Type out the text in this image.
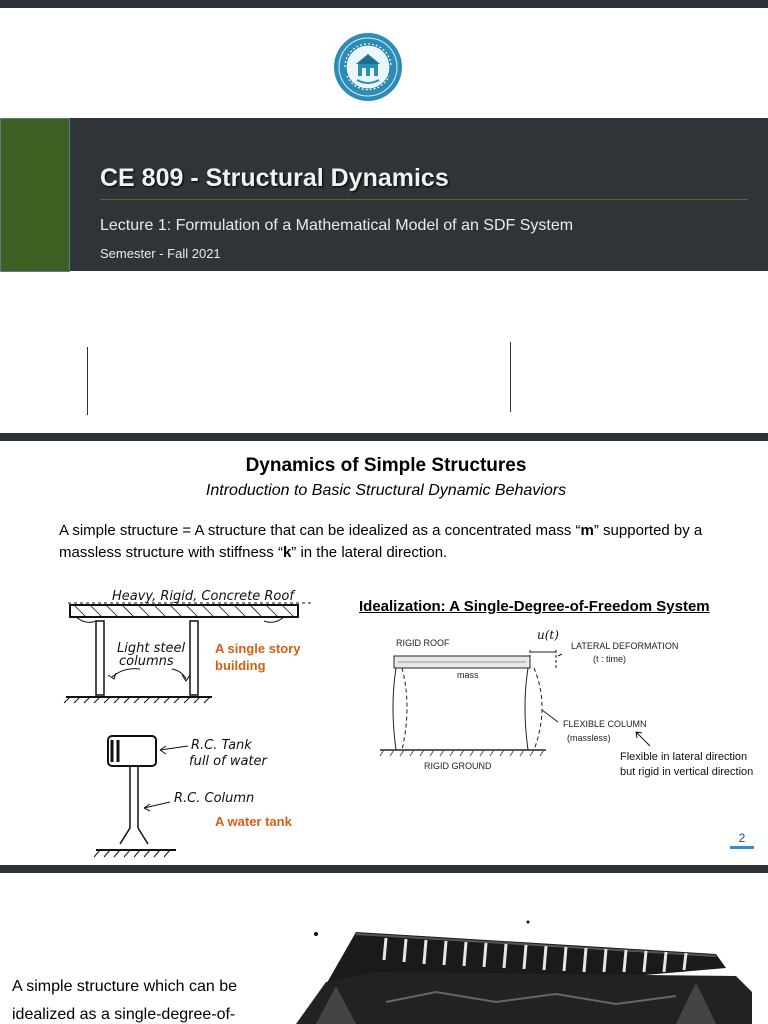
CE 809 - Structural Dynamics
Lecture 1: Formulation of a Mathematical Model of an SDF System
Semester - Fall 2021
Dynamics of Simple Structures
Introduction to Basic Structural Dynamic Behaviors
A simple structure = A structure that can be idealized as a concentrated mass “m” supported by a massless structure with stiffness “k” in the lateral direction.
Heavy, Rigid, Concrete Roof
Light steel
columns
A single story
building
R.C. Tank
full of water
R.C. Column
A water tank
Idealization: A Single-Degree-of-Freedom System
RIGID ROOF
mass
u(t)
LATERAL DEFORMATION
(t : time)
FLEXIBLE COLUMN
(massless)
RIGID GROUND
Flexible in lateral direction
but rigid in vertical direction
2
A simple structure which can be idealized as a single-degree-of-
